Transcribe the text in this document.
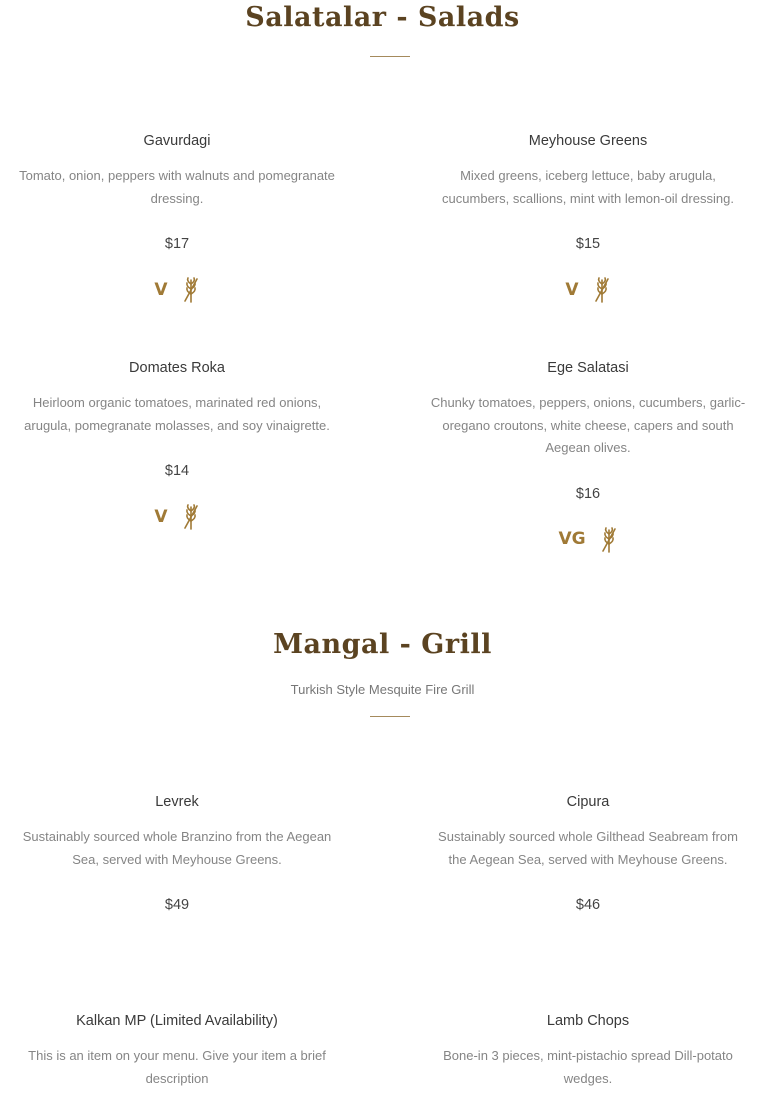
Salatalar - Salads
Gavurdagi
Tomato, onion, peppers with walnuts and pomegranate dressing.
$17
V
Meyhouse Greens
Mixed greens, iceberg lettuce, baby arugula, cucumbers, scallions, mint with lemon-oil dressing.
$15
V
Domates Roka
Heirloom organic tomatoes, marinated red onions, arugula, pomegranate molasses, and soy vinaigrette.
$14
V
Ege Salatasi
Chunky tomatoes, peppers, onions, cucumbers, garlic-oregano croutons, white cheese, capers and south Aegean olives.
$16
VG
Mangal - Grill
Turkish Style Mesquite Fire Grill
Levrek
Sustainably sourced whole Branzino from the Aegean Sea, served with Meyhouse Greens.
$49
Cipura
Sustainably sourced whole Gilthead Seabream from the Aegean Sea, served with Meyhouse Greens.
$46
Kalkan MP (Limited Availability)
This is an item on your menu. Give your item a brief description
Lamb Chops
Bone-in 3 pieces, mint-pistachio spread Dill-potato wedges.
